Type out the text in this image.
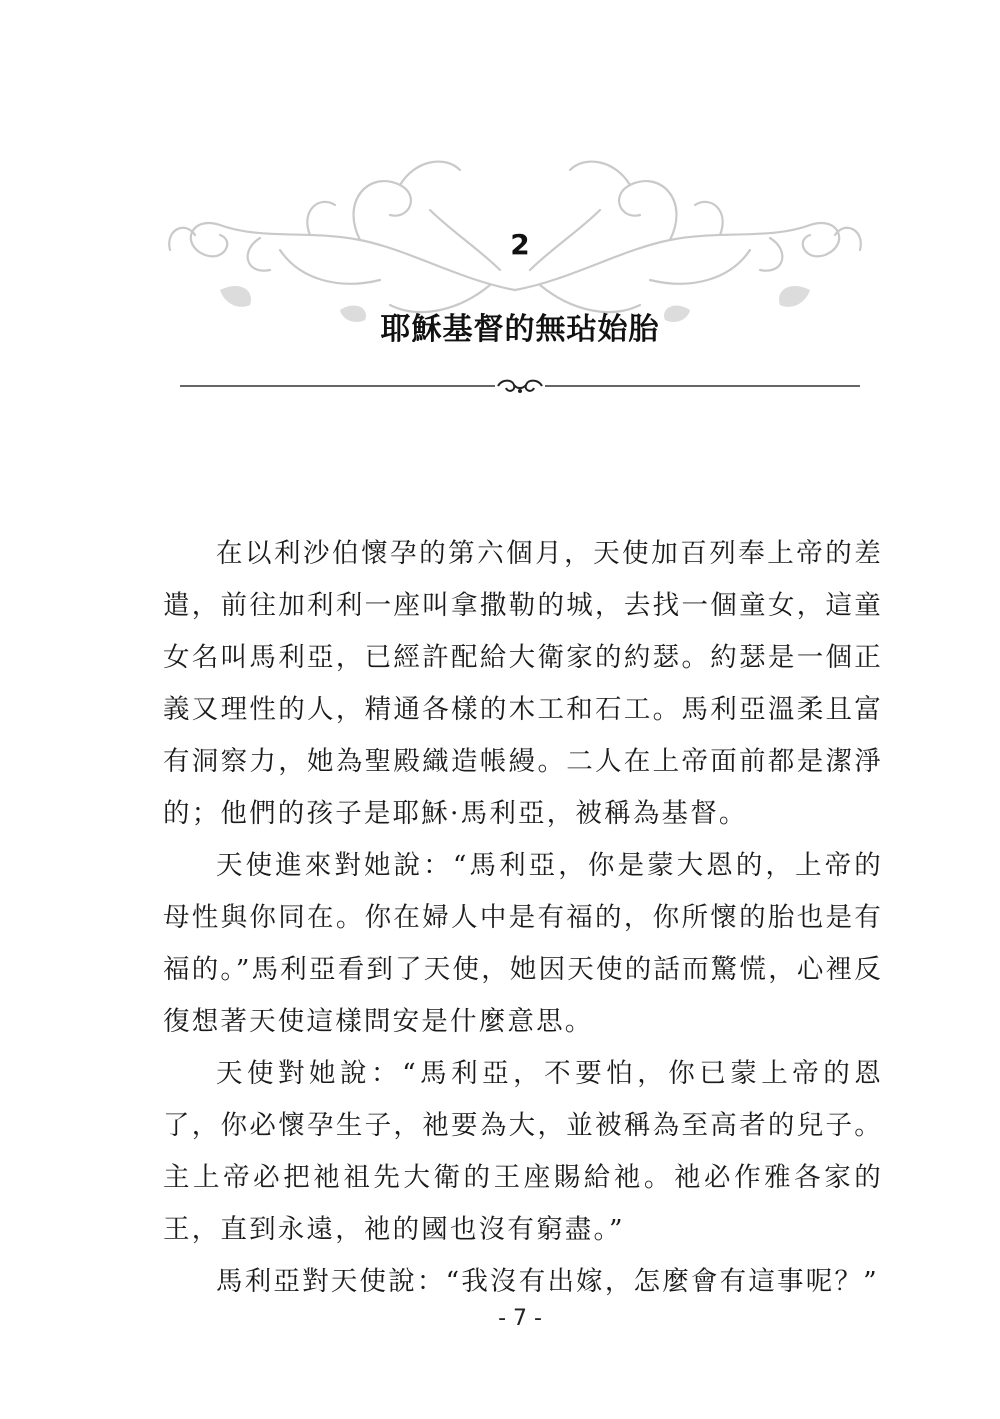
2
耶穌基督的無玷始胎

在以利沙伯懷孕的第六個月，天使加百列奉上帝的差遣，前往加利利一座叫拿撒勒的城，去找一個童女，這童女名叫馬利亞，已經許配給大衛家的約瑟。約瑟是一個正義又理性的人，精通各樣的木工和石工。馬利亞溫柔且富有洞察力，她為聖殿織造帳縵。二人在上帝面前都是潔淨的；他們的孩子是耶穌·馬利亞，被稱為基督。

天使進來對她說：“馬利亞，你是蒙大恩的，上帝的母性與你同在。你在婦人中是有福的，你所懷的胎也是有福的。”馬利亞看到了天使，她因天使的話而驚慌，心裡反復想著天使這樣問安是什麼意思。

天使對她說：“馬利亞，不要怕，你已蒙上帝的恩了，你必懷孕生子，祂要為大，並被稱為至高者的兒子。主上帝必把祂祖先大衛的王座賜給祂。祂必作雅各家的王，直到永遠，祂的國也沒有窮盡。”

馬利亞對天使說：“我沒有出嫁，怎麼會有這事呢？”

- 7 -
